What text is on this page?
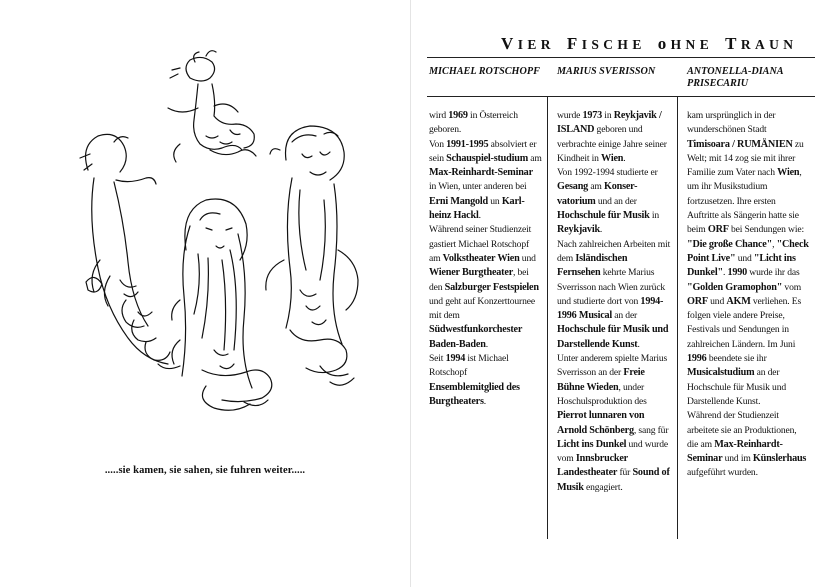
.....sie kamen, sie sahen, sie fuhren weiter.....
VIER FISCHE oHNE TRAUN
MICHAEL ROTSCHOPF MARIUS SVERISSON	ANTONELLA-DIANA PRISECARIU

wird 1969 in Österreich geboren.

Von 1991-1995 absolviert er sein Schauspiel-studium am Max-Reinhardt-Seminar in Wien, unter anderen bei Erni Mangold un Karl-heinz Hackl.

Während seiner Studienzeit gastiert Michael Rotschopf am Volkstheater Wien und Wiener Burgtheater, bei den Salzburger Festspielen und geht auf Konzerttournee mit dem Südwestfunkorchester Baden-Baden.

Seit 1994 ist Michael Rotschopf Ensemblemitglied des Burgtheaters.

wurde 1973 in Reykjavik / ISLAND geboren und verbrachte einige Jahre seiner Kindheit in Wien.

Von 1992-1994 studierte er Gesang am Konser-vatorium und an der Hochschule für Musik in Reykjavik.

Nach zahlreichen Arbeiten mit dem Isländischen Fernsehen kehrte Marius Sverrisson nach Wien zurück und studierte dort von 1994-1996 Musical an der Hochschule für Musik und Darstellende Kunst.

Unter anderem spielte Marius Sverrisson an der Freie Bühne Wieden, under Hoschulsproduktion des Pierrot lunnaren von Arnold Schönberg, sang für Licht ins Dunkel und wurde vom Innsbrucker Landestheater für Sound of Musik engagiert.

kam ursprünglich in der wunderschönen Stadt Timisoara / RUMÄNIEN zu Welt; mit 14 zog sie mit ihrer Familie zum Vater nach Wien, um ihr Musikstudium fortzusetzen. Ihre ersten Auftritte als Sängerin hatte sie beim ORF bei Sendungen wie: "Die große Chance", "Check Point Live" und "Licht ins Dunkel". 1990 wurde ihr das "Golden Gramophon" vom ORF und AKM verliehen. Es folgen viele andere Preise, Festivals und Sendungen in zahlreichen Ländern. Im Juni 1996 beendete sie ihr Musicalstudium an der Hochschule für Musik und Darstellende Kunst.

Während der Studienzeit arbeitete sie an Produktionen, die am Max-Reinhardt-Seminar und im Künslerhaus aufgeführt wurden.
